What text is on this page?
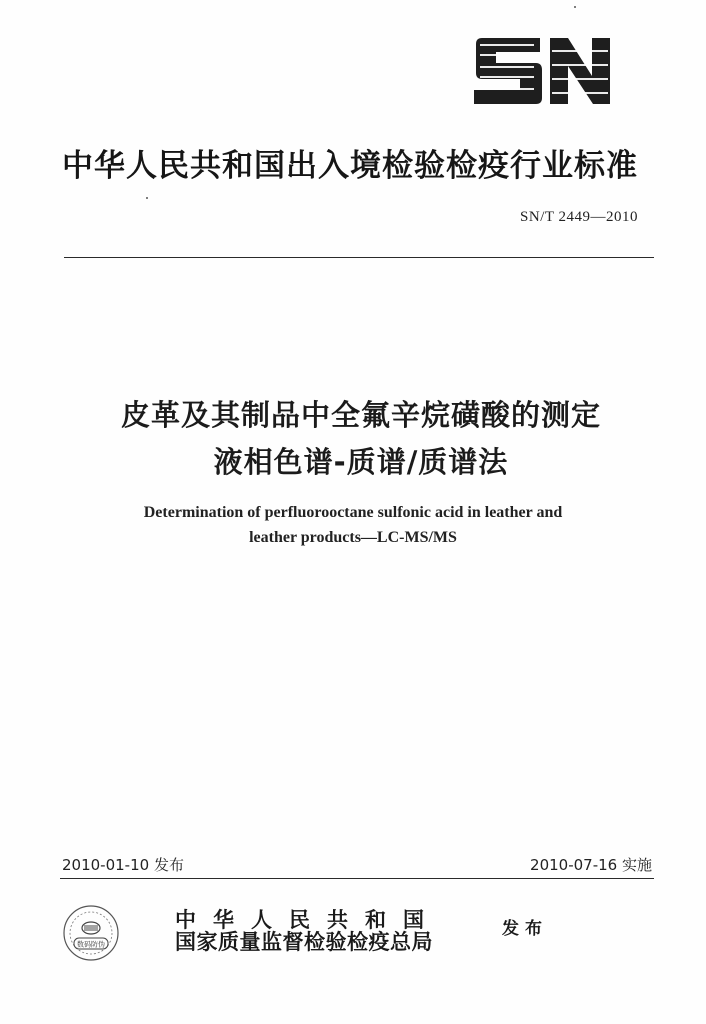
SN
中华人民共和国出入境检验检疫行业标准
SN/T 2449—2010
皮革及其制品中全氟辛烷磺酸的测定
液相色谱-质谱/质谱法
Determination of perfluorooctane sulfonic acid in leather and
leather products—LC-MS/MS
2010-01-10 发布	2010-07-16 实施
数码防伪
中华人民共和国
国家质量监督检验检疫总局	发布
